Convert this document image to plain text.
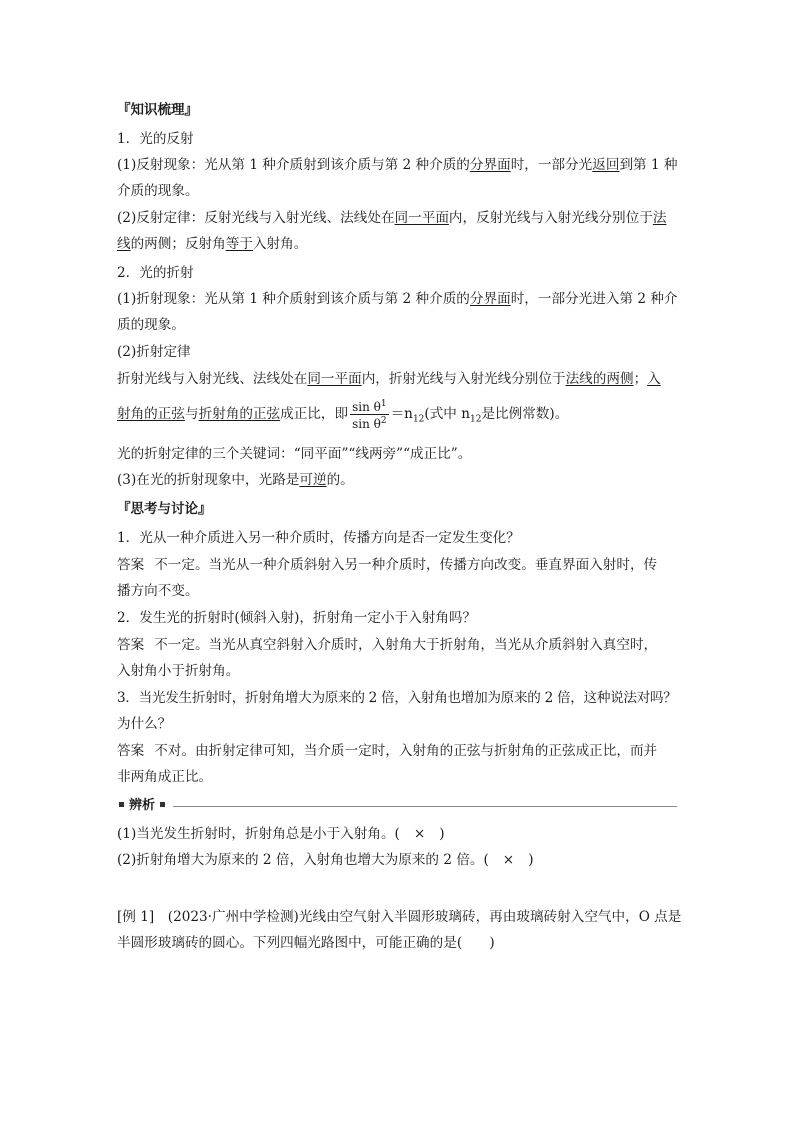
『知识梳理』
1．光的反射
(1)反射现象：光从第 1 种介质射到该介质与第 2 种介质的分界面时，一部分光返回到第 1 种
介质的现象。
(2)反射定律：反射光线与入射光线、法线处在同一平面内，反射光线与入射光线分别位于法
线的两侧；反射角等于入射角。
2．光的折射
(1)折射现象：光从第 1 种介质射到该介质与第 2 种介质的分界面时，一部分光进入第 2 种介
质的现象。
(2)折射定律
折射光线与入射光线、法线处在同一平面内，折射光线与入射光线分别位于法线的两侧；入
射角的正弦与折射角的正弦成正比，即 $\frac{\sin \theta^1}{\sin \theta^2} =n_{12}$(式中 $n_{12}$是比例常数)。
光的折射定律的三个关键词：“同平面”“线两旁”“成正比”。
(3)在光的折射现象中，光路是可逆的。
『思考与讨论』
1．光从一种介质进入另一种介质时，传播方向是否一定发生变化？
答案 不一定。当光从一种介质斜射入另一种介质时，传播方向改变。垂直界面入射时，传
播方向不变。
2．发生光的折射时(倾斜入射)，折射角一定小于入射角吗？
答案 不一定。当光从真空斜射入介质时，入射角大于折射角，当光从介质斜射入真空时，
入射角小于折射角。
3．当光发生折射时，折射角增大为原来的 2 倍，入射角也增加为原来的 2 倍，这种说法对吗？
为什么？
答案 不对。由折射定律可知，当介质一定时，入射角的正弦与折射角的正弦成正比，而并
非两角成正比。
辨析
(1)当光发生折射时，折射角总是小于入射角。( × )
(2)折射角增大为原来的 2 倍，入射角也增大为原来的 2 倍。( × )
[例 1]　(2023·广州中学检测)光线由空气射入半圆形玻璃砖，再由玻璃砖射入空气中，O 点是
半圆形玻璃砖的圆心。下列四幅光路图中，可能正确的是(　　)
